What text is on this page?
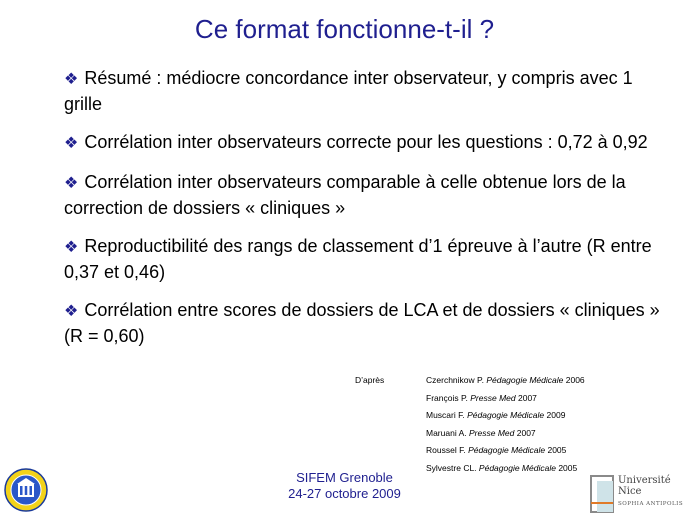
Ce format fonctionne-t-il ?
❖ Résumé : médiocre concordance inter observateur, y compris avec 1 grille
❖ Corrélation inter observateurs correcte pour les questions : 0,72 à 0,92
❖ Corrélation inter observateurs comparable à celle obtenue lors de la correction de dossiers « cliniques »
❖ Reproductibilité des rangs de classement d’1 épreuve à l’autre (R entre 0,37 et 0,46)
❖ Corrélation entre scores de dossiers de LCA et de dossiers « cliniques » (R = 0,60)
D’après	Czerchnikow P. Pédagogie Médicale 2006
François P. Presse Med 2007
Muscari F. Pédagogie Médicale 2009
Maruani A. Presse Med 2007
Roussel F. Pédagogie Médicale 2005
Sylvestre CL. Pédagogie Médicale 2005
SIFEM Grenoble
24-27 octobre 2009
Université
Nice
SOPHIA ANTIPOLIS
